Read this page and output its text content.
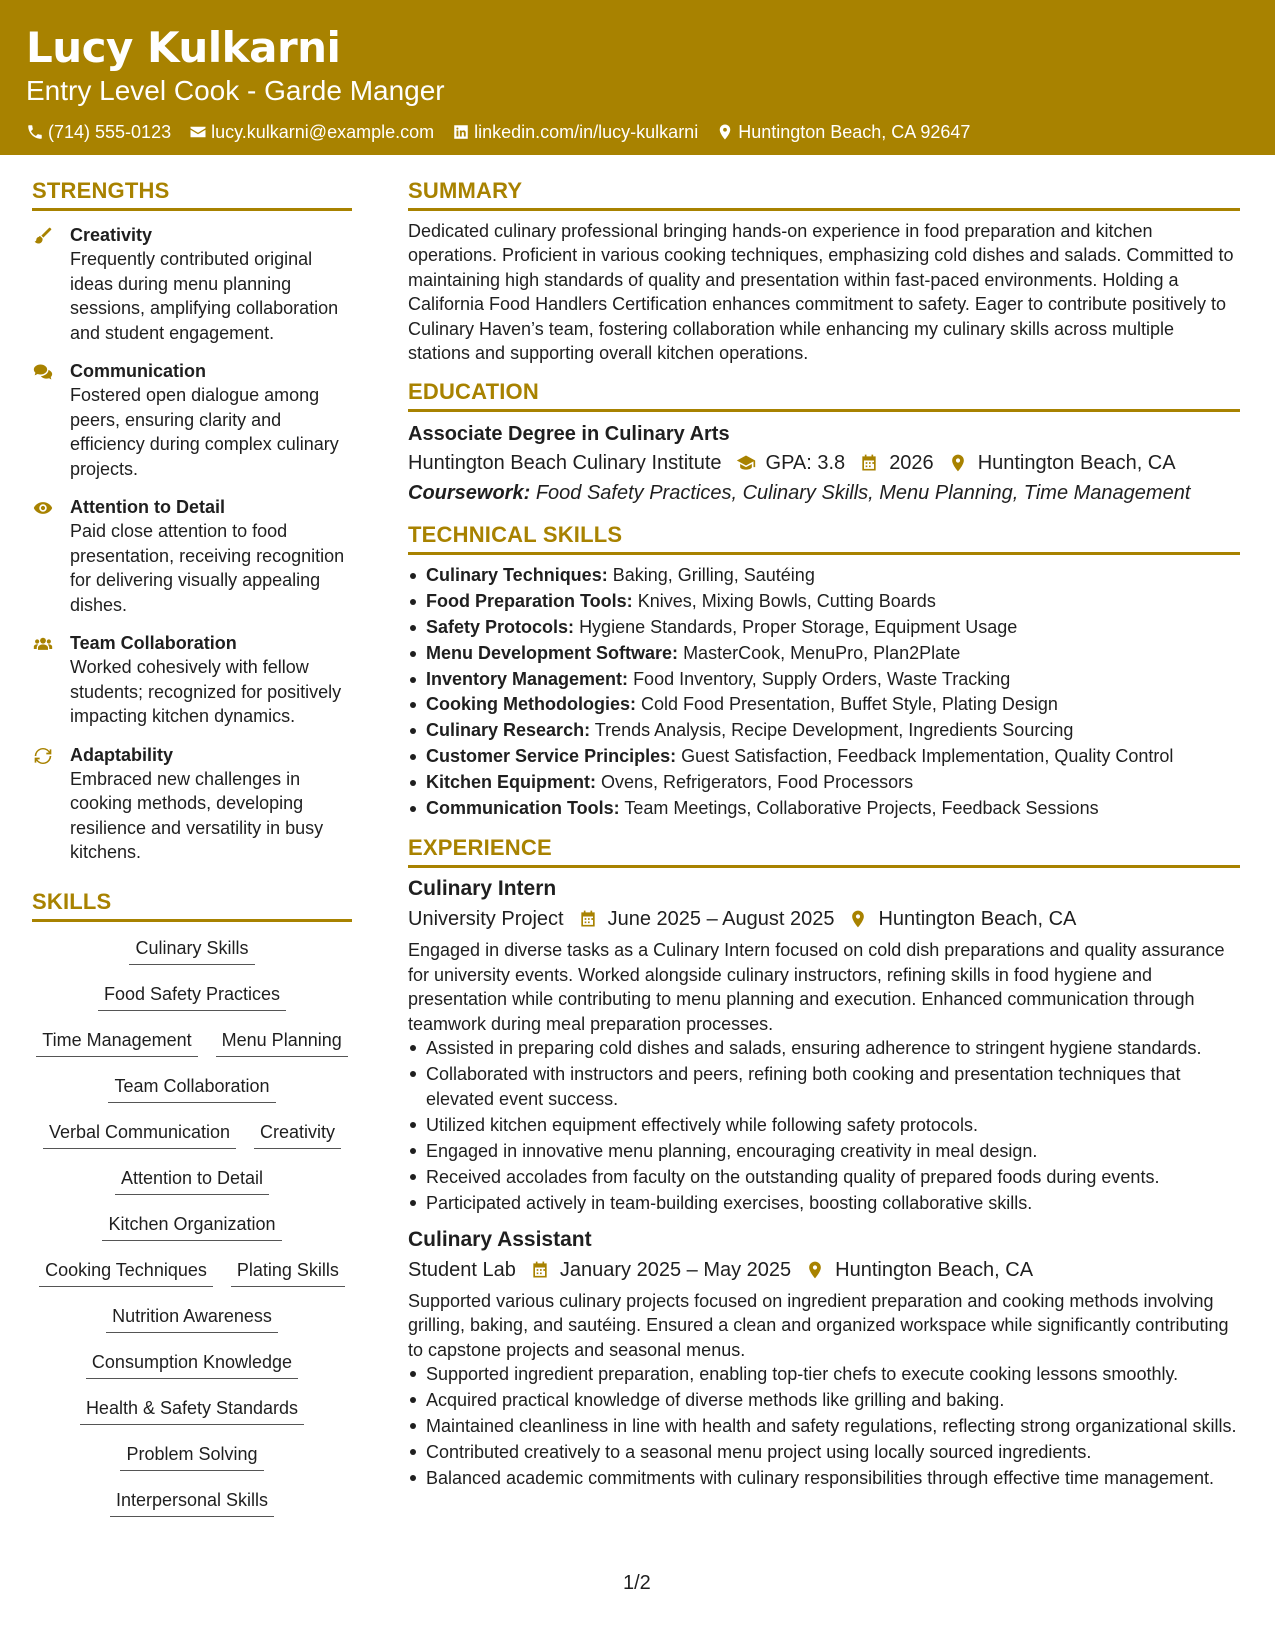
Lucy Kulkarni
Entry Level Cook - Garde Manger
(714) 555-0123 lucy.kulkarni@example.com linkedin.com/in/lucy-kulkarni Huntington Beach, CA 92647
STRENGTHS
Creativity
Frequently contributed original ideas during menu planning sessions, amplifying collaboration and student engagement.
Communication
Fostered open dialogue among peers, ensuring clarity and efficiency during complex culinary projects.
Attention to Detail
Paid close attention to food presentation, receiving recognition for delivering visually appealing dishes.
Team Collaboration
Worked cohesively with fellow students; recognized for positively impacting kitchen dynamics.
Adaptability
Embraced new challenges in cooking methods, developing resilience and versatility in busy kitchens.
SKILLS
Culinary Skills
Food Safety Practices
Time Management	Menu Planning
Team Collaboration
Verbal Communication	Creativity
Attention to Detail
Kitchen Organization
Cooking Techniques	Plating Skills
Nutrition Awareness
Consumption Knowledge
Health & Safety Standards
Problem Solving
Interpersonal Skills
SUMMARY
Dedicated culinary professional bringing hands-on experience in food preparation and kitchen operations. Proficient in various cooking techniques, emphasizing cold dishes and salads. Committed to maintaining high standards of quality and presentation within fast-paced environments. Holding a California Food Handlers Certification enhances commitment to safety. Eager to contribute positively to Culinary Haven’s team, fostering collaboration while enhancing my culinary skills across multiple stations and supporting overall kitchen operations.
EDUCATION
Associate Degree in Culinary Arts
Huntington Beach Culinary Institute GPA: 3.8 2026 Huntington Beach, CA
Coursework: Food Safety Practices, Culinary Skills, Menu Planning, Time Management
TECHNICAL SKILLS
Culinary Techniques: Baking, Grilling, Sautéing
Food Preparation Tools: Knives, Mixing Bowls, Cutting Boards
Safety Protocols: Hygiene Standards, Proper Storage, Equipment Usage
Menu Development Software: MasterCook, MenuPro, Plan2Plate
Inventory Management: Food Inventory, Supply Orders, Waste Tracking
Cooking Methodologies: Cold Food Presentation, Buffet Style, Plating Design
Culinary Research: Trends Analysis, Recipe Development, Ingredients Sourcing
Customer Service Principles: Guest Satisfaction, Feedback Implementation, Quality Control
Kitchen Equipment: Ovens, Refrigerators, Food Processors
Communication Tools: Team Meetings, Collaborative Projects, Feedback Sessions
EXPERIENCE
Culinary Intern
University Project June 2025 – August 2025 Huntington Beach, CA
Engaged in diverse tasks as a Culinary Intern focused on cold dish preparations and quality assurance for university events. Worked alongside culinary instructors, refining skills in food hygiene and presentation while contributing to menu planning and execution. Enhanced communication through teamwork during meal preparation processes.
Assisted in preparing cold dishes and salads, ensuring adherence to stringent hygiene standards.
Collaborated with instructors and peers, refining both cooking and presentation techniques that elevated event success.
Utilized kitchen equipment effectively while following safety protocols.
Engaged in innovative menu planning, encouraging creativity in meal design.
Received accolades from faculty on the outstanding quality of prepared foods during events.
Participated actively in team-building exercises, boosting collaborative skills.
Culinary Assistant
Student Lab January 2025 – May 2025 Huntington Beach, CA
Supported various culinary projects focused on ingredient preparation and cooking methods involving grilling, baking, and sautéing. Ensured a clean and organized workspace while significantly contributing to capstone projects and seasonal menus.
Supported ingredient preparation, enabling top-tier chefs to execute cooking lessons smoothly.
Acquired practical knowledge of diverse methods like grilling and baking.
Maintained cleanliness in line with health and safety regulations, reflecting strong organizational skills.
Contributed creatively to a seasonal menu project using locally sourced ingredients.
Balanced academic commitments with culinary responsibilities through effective time management.
1/2
